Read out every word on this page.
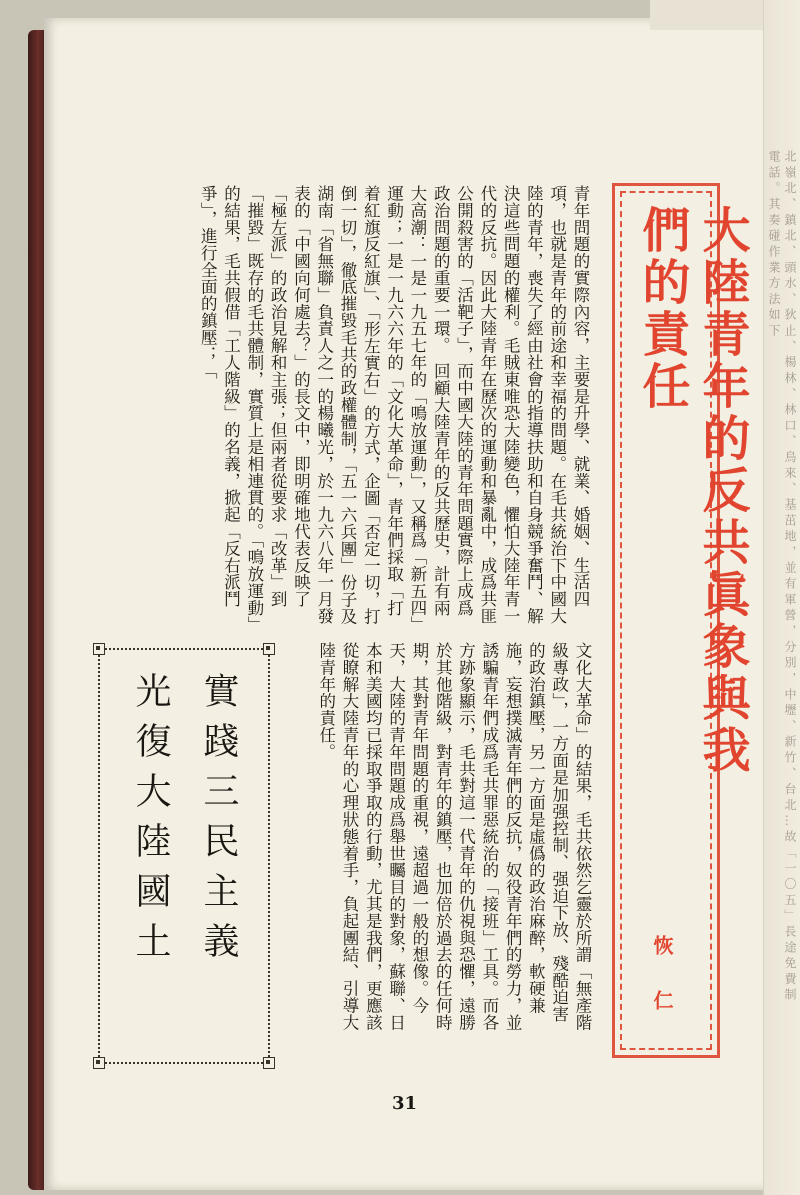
北 嶺 北 、 鎮 北 、 頭 水 、 狄 止 、 楊 林 、 林 口 、 烏 來 、 基 茁 地 ， 並 有 軍 營 ， 分 別 ， 中 壢 、 新 竹 、 台 北 … 故 「 一 〇 五 」 長 途 免 費 制 電 話 。 其 奏 碰 作 業 方 法 如 下
大陸青年的反共眞象與我們的責任
恢 仁
青年問題的實際內容，主要是升學、就業、婚姻、生活四項，也就是青年的前途和幸福的問題。在毛共統治下中國大陸的青年，喪失了經由社會的指導扶助和自身競爭奮鬥、解決這些問題的權利。毛賊東唯恐大陸變色，懼怕大陸年青一代的反抗。因此大陸青年在歷次的運動和暴亂中，成爲共匪公開殺害的「活靶子」，而中國大陸的青年問題實際上成爲政治問題的重要一環。　回顧大陸青年的反共歷史，計有兩大高潮：一是一九五七年的「鳴放運動」，又稱爲「新五四」運動；一是一九六六年的「文化大革命」，青年們採取「打着紅旗反紅旗」、「形左實右」的方式，企圖「否定一切，打倒一切」，徹底摧毀毛共的政權體制，「五一六兵團」份子及湖南「省無聯」負責人之一的楊曦光，於一九六八年一月發表的「中國向何處去？」的長文中，即明確地代表反映了「極左派」的政治見解和主張；但兩者從要求「改革」到「摧毀」既存的毛共體制，實質上是相連貫的。「鳴放運動」的結果，毛共假借「工人階級」的名義，掀起「反右派鬥爭」，進行全面的鎮壓；「
文化大革命」的結果，毛共依然乞靈於所謂「無產階級專政」，一方面是加强控制、强迫下放、殘酷迫害的政治鎮壓，另一方面是虛僞的政治麻醉，軟硬兼施，妄想撲滅青年們的反抗，奴役青年們的勞力，並誘騙青年們成爲毛共罪惡統治的「接班」工具。而各方跡象顯示，毛共對這一代青年的仇視與恐懼，遠勝於其他階級，對青年的鎮壓，也加倍於過去的任何時期，其對青年問題的重視，遠超過一般的想像。今天，大陸的青年問題成爲舉世矚目的對象，蘇聯、日本和美國均已採取爭取的行動，尤其是我們，更應該從瞭解大陸青年的心理狀態着手，負起團結、引導大陸青年的責任。
實踐三民主義
光復大陸國土
31
